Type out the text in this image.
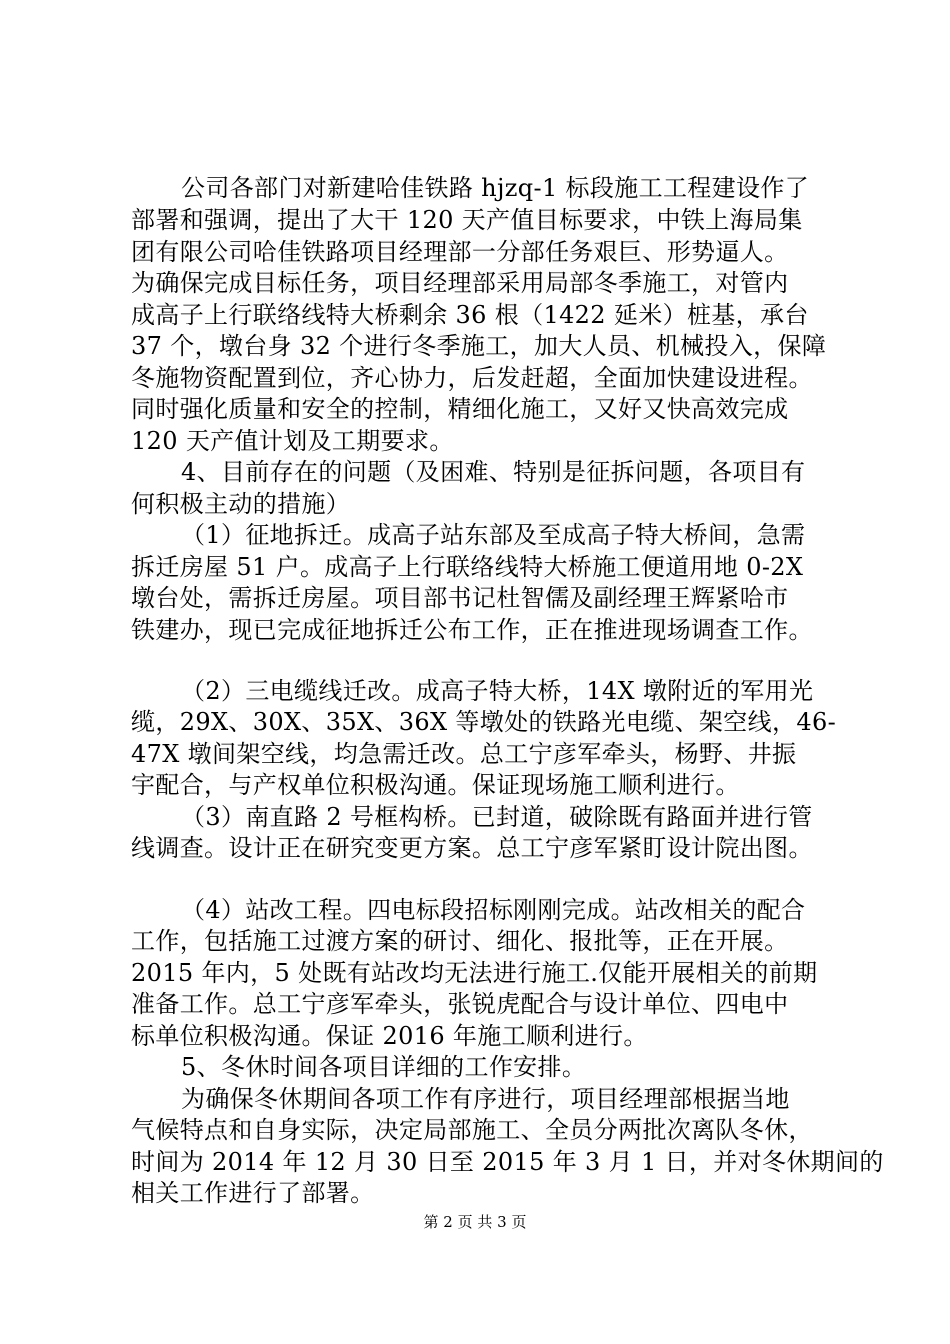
公司各部门对新建哈佳铁路 hjzq-1 标段施工工程建设作了
部署和强调，提出了大干 120 天产值目标要求，中铁上海局集
团有限公司哈佳铁路项目经理部一分部任务艰巨、形势逼人。
为确保完成目标任务，项目经理部采用局部冬季施工，对管内
成高子上行联络线特大桥剩余 36 根（1422 延米）桩基，承台
37 个，墩台身 32 个进行冬季施工，加大人员、机械投入，保障
冬施物资配置到位，齐心协力，后发赶超，全面加快建设进程。
同时强化质量和安全的控制，精细化施工，又好又快高效完成
120 天产值计划及工期要求。
4、目前存在的问题（及困难、特别是征拆问题，各项目有
何积极主动的措施）
（1）征地拆迁。成高子站东部及至成高子特大桥间，急需
拆迁房屋 51 户。成高子上行联络线特大桥施工便道用地 0-2X
墩台处，需拆迁房屋。项目部书记杜智儒及副经理王辉紧哈市
铁建办，现已完成征地拆迁公布工作，正在推进现场调查工作。
（2）三电缆线迁改。成高子特大桥，14X 墩附近的军用光
缆，29X、30X、35X、36X 等墩处的铁路光电缆、架空线，46-
47X 墩间架空线，均急需迁改。总工宁彦军牵头，杨野、井振
宇配合，与产权单位积极沟通。保证现场施工顺利进行。
（3）南直路 2 号框构桥。已封道，破除既有路面并进行管
线调查。设计正在研究变更方案。总工宁彦军紧盯设计院出图。
（4）站改工程。四电标段招标刚刚完成。站改相关的配合
工作，包括施工过渡方案的研讨、细化、报批等，正在开展。
2015 年内，5 处既有站改均无法进行施工.仅能开展相关的前期
准备工作。总工宁彦军牵头，张锐虎配合与设计单位、四电中
标单位积极沟通。保证 2016 年施工顺利进行。
5、冬休时间各项目详细的工作安排。
为确保冬休期间各项工作有序进行，项目经理部根据当地
气候特点和自身实际，决定局部施工、全员分两批次离队冬休，
时间为 2014 年 12 月 30 日至 2015 年 3 月 1 日，并对冬休期间的
相关工作进行了部署。
第 2 页 共 3 页
